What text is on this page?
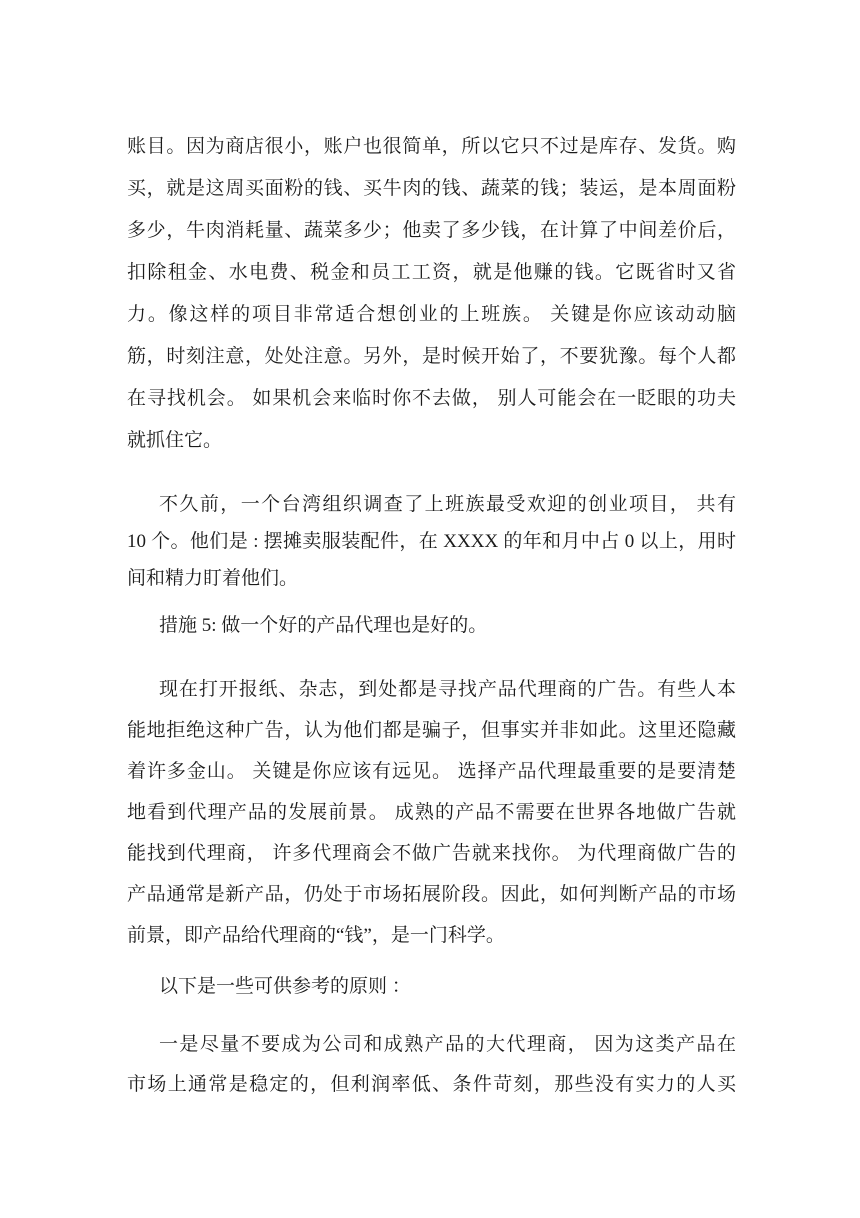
账目。因为商店很小，账户也很简单，所以它只不过是库存、发货。购
买，就是这周买面粉的钱、买牛肉的钱、蔬菜的钱；装运，是本周面粉
多少，牛肉消耗量、蔬菜多少；他卖了多少钱，在计算了中间差价后，
扣除租金、水电费、税金和员工工资，就是他赚的钱。它既省时又省
力。像这样的项目非常适合想创业的上班族。 关键是你应该动动脑
筋，时刻注意，处处注意。另外，是时候开始了，不要犹豫。每个人都
在寻找机会。 如果机会来临时你不去做， 别人可能会在一眨眼的功夫
就抓住它。
不久前，一个台湾组织调查了上班族最受欢迎的创业项目， 共有
10 个。他们是 : 摆摊卖服装配件，在 XXXX 的年和月中占 0 以上，用时
间和精力盯着他们。
措施 5: 做一个好的产品代理也是好的。
现在打开报纸、杂志，到处都是寻找产品代理商的广告。有些人本
能地拒绝这种广告，认为他们都是骗子，但事实并非如此。这里还隐藏
着许多金山。 关键是你应该有远见。 选择产品代理最重要的是要清楚
地看到代理产品的发展前景。 成熟的产品不需要在世界各地做广告就
能找到代理商， 许多代理商会不做广告就来找你。 为代理商做广告的
产品通常是新产品，仍处于市场拓展阶段。因此，如何判断产品的市场
前景，即产品给代理商的“钱”，是一门科学。
以下是一些可供参考的原则 ：
一是尽量不要成为公司和成熟产品的大代理商， 因为这类产品在
市场上通常是稳定的，但利润率低、条件苛刻，那些没有实力的人买
